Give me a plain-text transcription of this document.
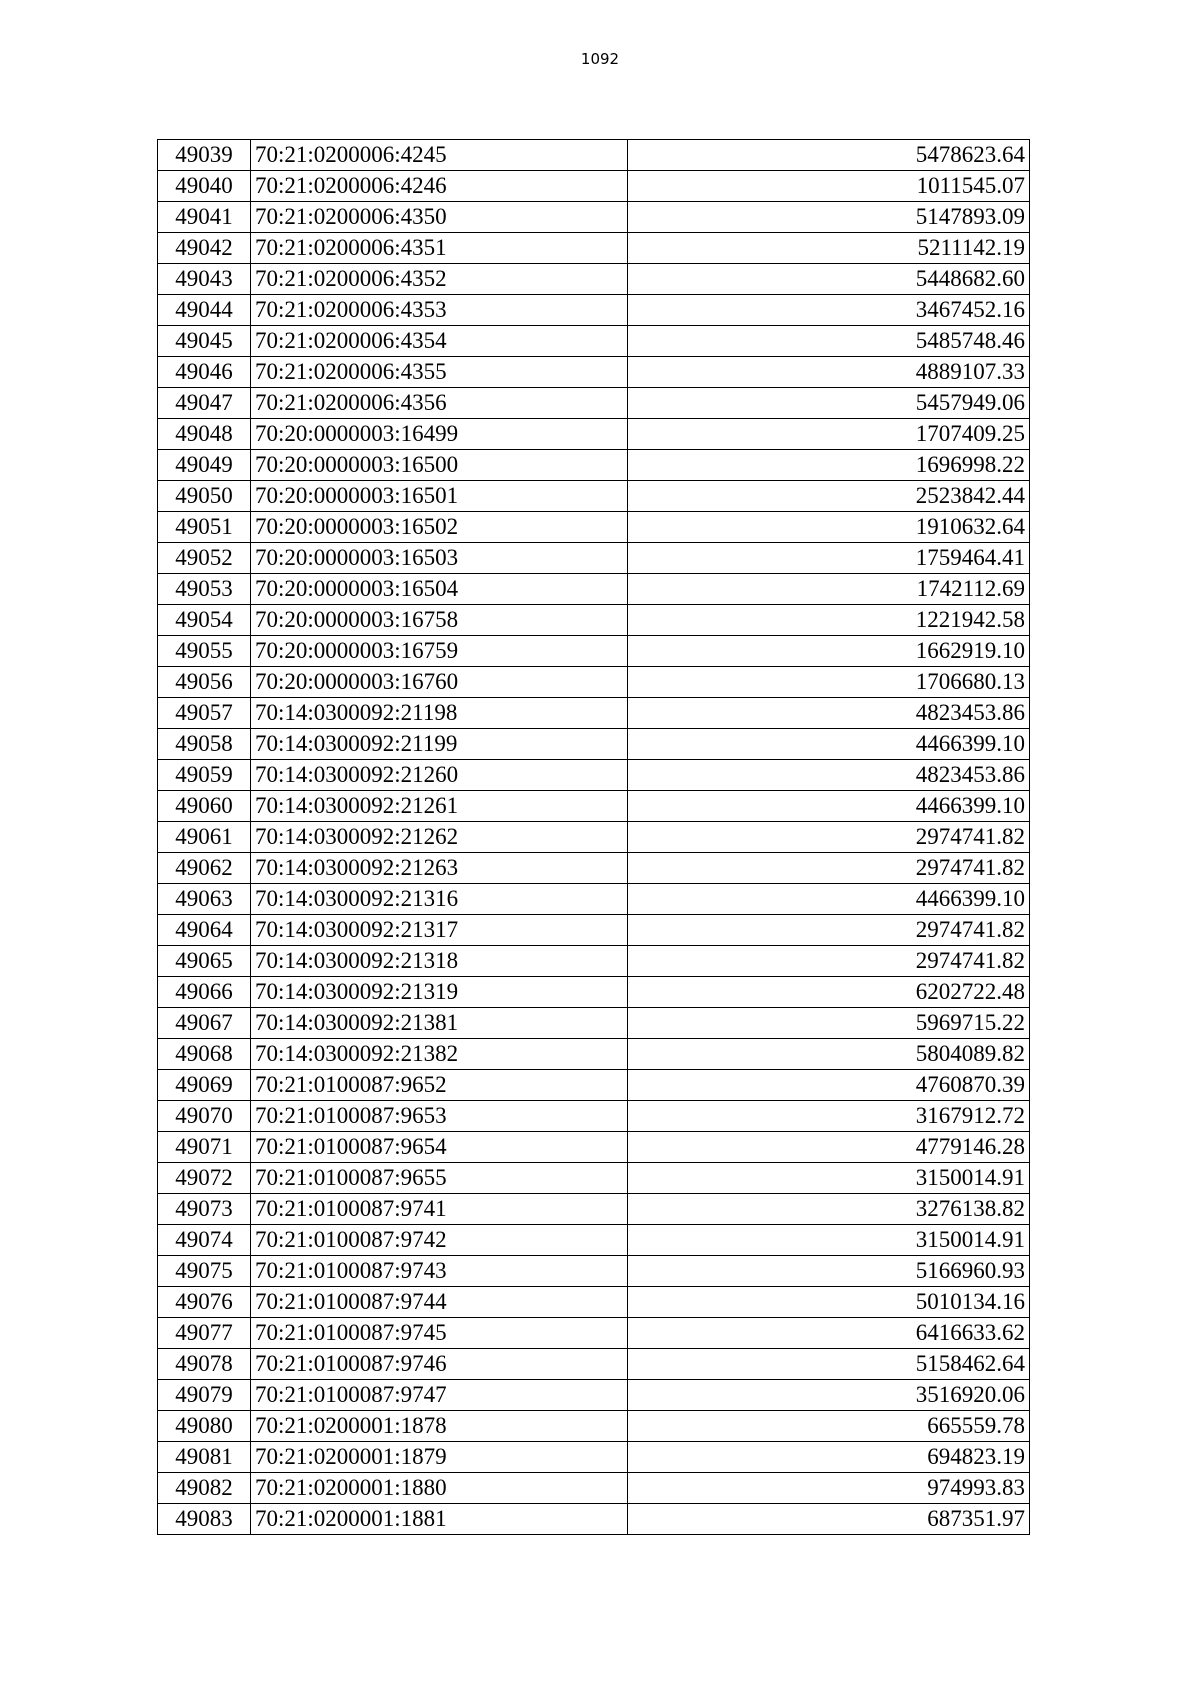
1092
49039	70:21:0200006:4245	5478623.64
49040	70:21:0200006:4246	1011545.07
49041	70:21:0200006:4350	5147893.09
49042	70:21:0200006:4351	5211142.19
49043	70:21:0200006:4352	5448682.60
49044	70:21:0200006:4353	3467452.16
49045	70:21:0200006:4354	5485748.46
49046	70:21:0200006:4355	4889107.33
49047	70:21:0200006:4356	5457949.06
49048	70:20:0000003:16499	1707409.25
49049	70:20:0000003:16500	1696998.22
49050	70:20:0000003:16501	2523842.44
49051	70:20:0000003:16502	1910632.64
49052	70:20:0000003:16503	1759464.41
49053	70:20:0000003:16504	1742112.69
49054	70:20:0000003:16758	1221942.58
49055	70:20:0000003:16759	1662919.10
49056	70:20:0000003:16760	1706680.13
49057	70:14:0300092:21198	4823453.86
49058	70:14:0300092:21199	4466399.10
49059	70:14:0300092:21260	4823453.86
49060	70:14:0300092:21261	4466399.10
49061	70:14:0300092:21262	2974741.82
49062	70:14:0300092:21263	2974741.82
49063	70:14:0300092:21316	4466399.10
49064	70:14:0300092:21317	2974741.82
49065	70:14:0300092:21318	2974741.82
49066	70:14:0300092:21319	6202722.48
49067	70:14:0300092:21381	5969715.22
49068	70:14:0300092:21382	5804089.82
49069	70:21:0100087:9652	4760870.39
49070	70:21:0100087:9653	3167912.72
49071	70:21:0100087:9654	4779146.28
49072	70:21:0100087:9655	3150014.91
49073	70:21:0100087:9741	3276138.82
49074	70:21:0100087:9742	3150014.91
49075	70:21:0100087:9743	5166960.93
49076	70:21:0100087:9744	5010134.16
49077	70:21:0100087:9745	6416633.62
49078	70:21:0100087:9746	5158462.64
49079	70:21:0100087:9747	3516920.06
49080	70:21:0200001:1878	665559.78
49081	70:21:0200001:1879	694823.19
49082	70:21:0200001:1880	974993.83
49083	70:21:0200001:1881	687351.97
